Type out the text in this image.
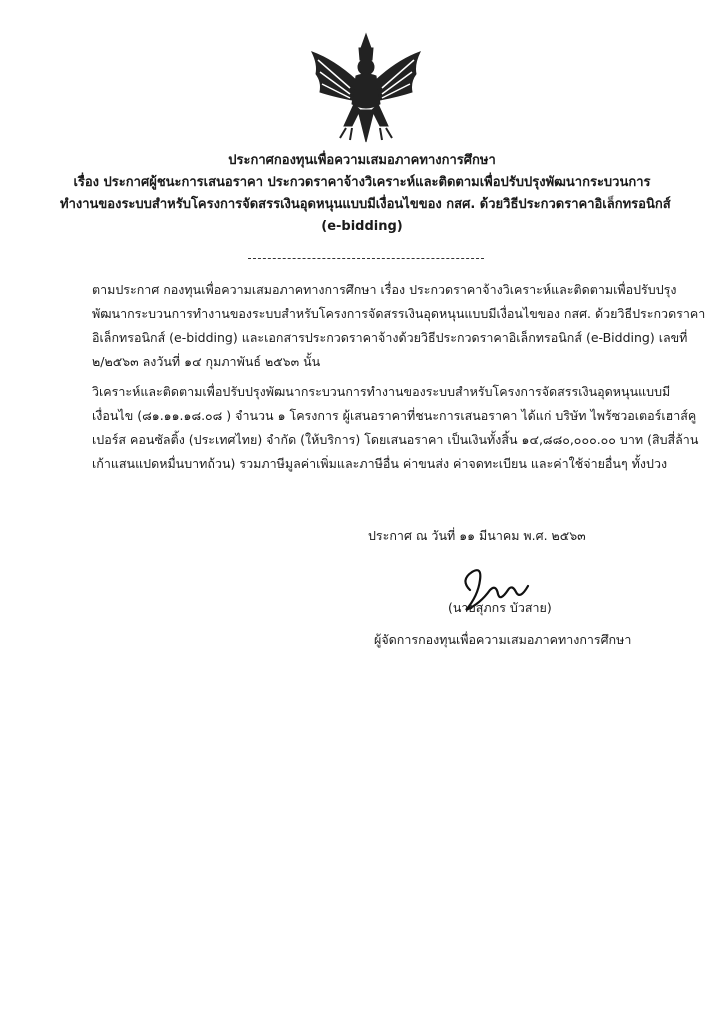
ประกาศกองทุนเพื่อความเสมอภาคทางการศึกษา
เรื่อง ประกาศผู้ชนะการเสนอราคา ประกวดราคาจ้างวิเคราะห์และติดตามเพื่อปรับปรุงพัฒนากระบวนการ
ทำงานของระบบสำหรับโครงการจัดสรรเงินอุดหนุนแบบมีเงื่อนไขของ กสศ. ด้วยวิธีประกวดราคาอิเล็กทรอนิกส์
(e-bidding)
ตามประกาศ กองทุนเพื่อความเสมอภาคทางการศึกษา เรื่อง ประกวดราคาจ้างวิเคราะห์และติดตามเพื่อปรับปรุง
พัฒนากระบวนการทำงานของระบบสำหรับโครงการจัดสรรเงินอุดหนุนแบบมีเงื่อนไขของ กสศ. ด้วยวิธีประกวดราคา
อิเล็กทรอนิกส์ (e-bidding) และเอกสารประกวดราคาจ้างด้วยวิธีประกวดราคาอิเล็กทรอนิกส์ (e-Bidding) เลขที่
๒/๒๕๖๓ ลงวันที่ ๑๔ กุมภาพันธ์ ๒๕๖๓ นั้น
วิเคราะห์และติดตามเพื่อปรับปรุงพัฒนากระบวนการทำงานของระบบสำหรับโครงการจัดสรรเงินอุดหนุนแบบมี
เงื่อนไข (๘๑.๑๑.๑๘.๐๘ ) จำนวน ๑ โครงการ ผู้เสนอราคาที่ชนะการเสนอราคา ได้แก่ บริษัท ไพร้ซวอเตอร์เฮาส์คู
เปอร์ส คอนซัลติ้ง (ประเทศไทย) จำกัด (ให้บริการ) โดยเสนอราคา เป็นเงินทั้งสิ้น ๑๔,๘๘๐,๐๐๐.๐๐ บาท (สิบสี่ล้าน
เก้าแสนแปดหมื่นบาทถ้วน) รวมภาษีมูลค่าเพิ่มและภาษีอื่น ค่าขนส่ง ค่าจดทะเบียน และค่าใช้จ่ายอื่นๆ ทั้งปวง
ประกาศ ณ วันที่ ๑๑ มีนาคม พ.ศ. ๒๕๖๓
(นายสุภกร บัวสาย)
ผู้จัดการกองทุนเพื่อความเสมอภาคทางการศึกษา
